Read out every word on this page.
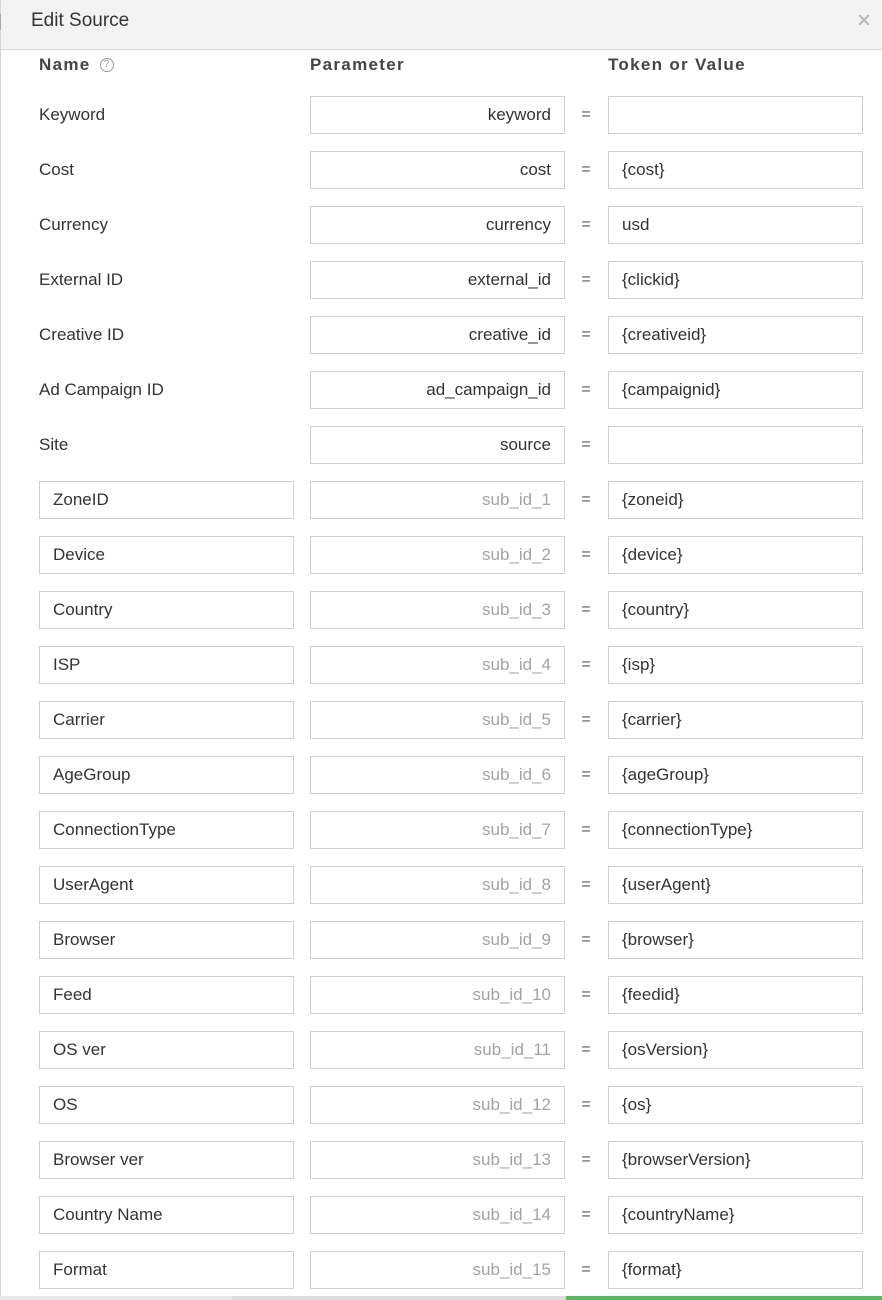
Edit Source	×
Name ?	Parameter	Token or Value
Keyword	keyword	=
Cost	cost	=	{cost}
Currency	currency	=	usd
External ID	external_id	=	{clickid}
Creative ID	creative_id	=	{creativeid}
Ad Campaign ID	ad_campaign_id	=	{campaignid}
Site	source	=
ZoneID	sub_id_1	=	{zoneid}
Device	sub_id_2	=	{device}
Country	sub_id_3	=	{country}
ISP	sub_id_4	=	{isp}
Carrier	sub_id_5	=	{carrier}
AgeGroup	sub_id_6	=	{ageGroup}
ConnectionType	sub_id_7	=	{connectionType}
UserAgent	sub_id_8	=	{userAgent}
Browser	sub_id_9	=	{browser}
Feed	sub_id_10	=	{feedid}
OS ver	sub_id_11	=	{osVersion}
OS	sub_id_12	=	{os}
Browser ver	sub_id_13	=	{browserVersion}
Country Name	sub_id_14	=	{countryName}
Format	sub_id_15	=	{format}
